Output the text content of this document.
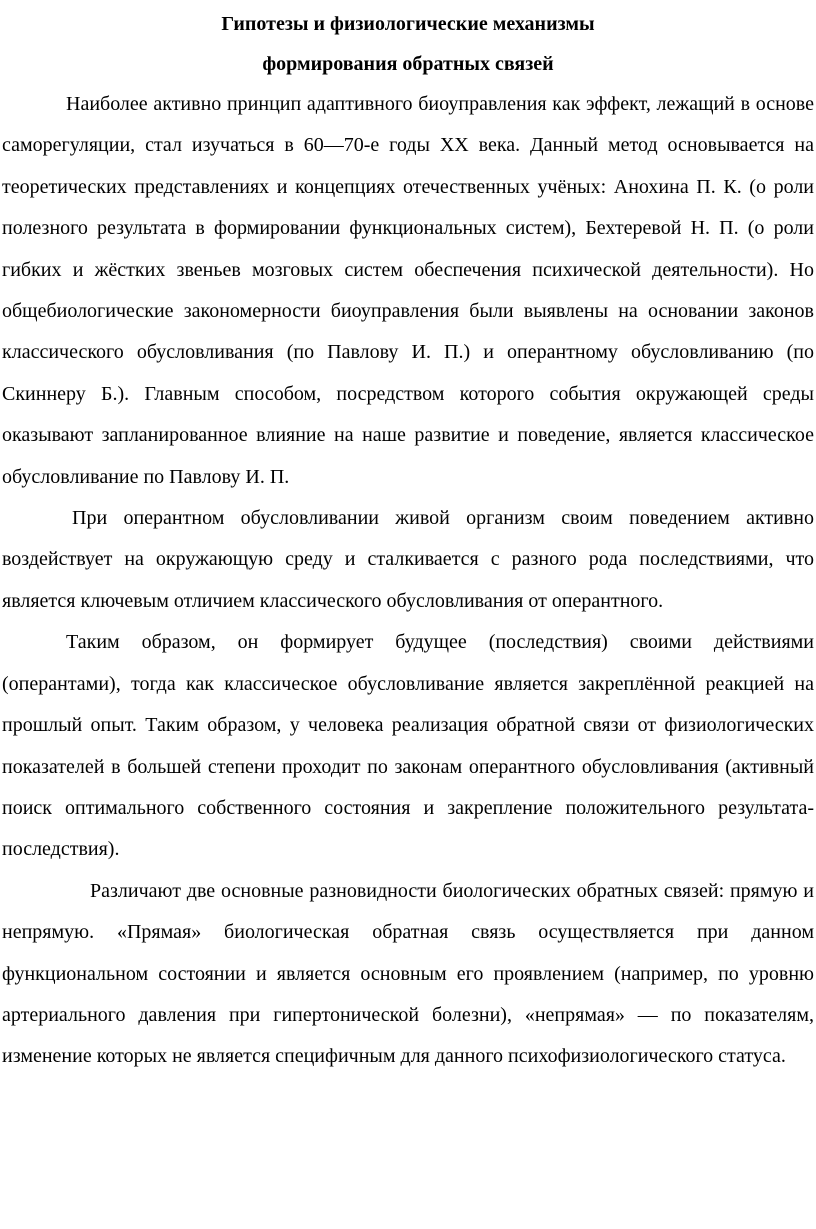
Гипотезы и физиологические механизмы

формирования обратных связей

Наиболее активно принцип адаптивного биоуправления как эффект, лежащий в основе саморегуляции, стал изучаться в 60—70-е годы XX века. Данный метод основывается на теоретических представлениях и концепциях отечественных учёных: Анохина П. К. (о роли полезного результата в формировании функциональных систем), Бехтеревой Н. П. (о роли гибких и жёстких звеньев мозговых систем обеспечения психической деятельности). Но общебиологические закономерности биоуправления были выявлены на основании законов классического обусловливания (по Павлову И. П.) и оперантному обусловливанию (по Скиннеру Б.). Главным способом, посредством которого события окружающей среды оказывают запланированное влияние на наше развитие и поведение, является классическое обусловливание по Павлову И. П.

При оперантном обусловливании живой организм своим поведением активно воздействует на окружающую среду и сталкивается с разного рода последствиями, что является ключевым отличием классического обусловливания от оперантного.

Таким образом, он формирует будущее (последствия) своими действиями (оперантами), тогда как классическое обусловливание является закреплённой реакцией на прошлый опыт. Таким образом, у человека реализация обратной связи от физиологических показателей в большей степени проходит по законам оперантного обусловливания (активный поиск оптимального собственного состояния и закрепление положительного результата-последствия).

Различают две основные разновидности биологических обратных связей: прямую и непрямую. «Прямая» биологическая обратная связь осуществляется при данном функциональном состоянии и является основным его проявлением (например, по уровню артериального давления при гипертонической болезни), «непрямая» — по показателям, изменение которых не является специфичным для данного психофизиологического статуса.
